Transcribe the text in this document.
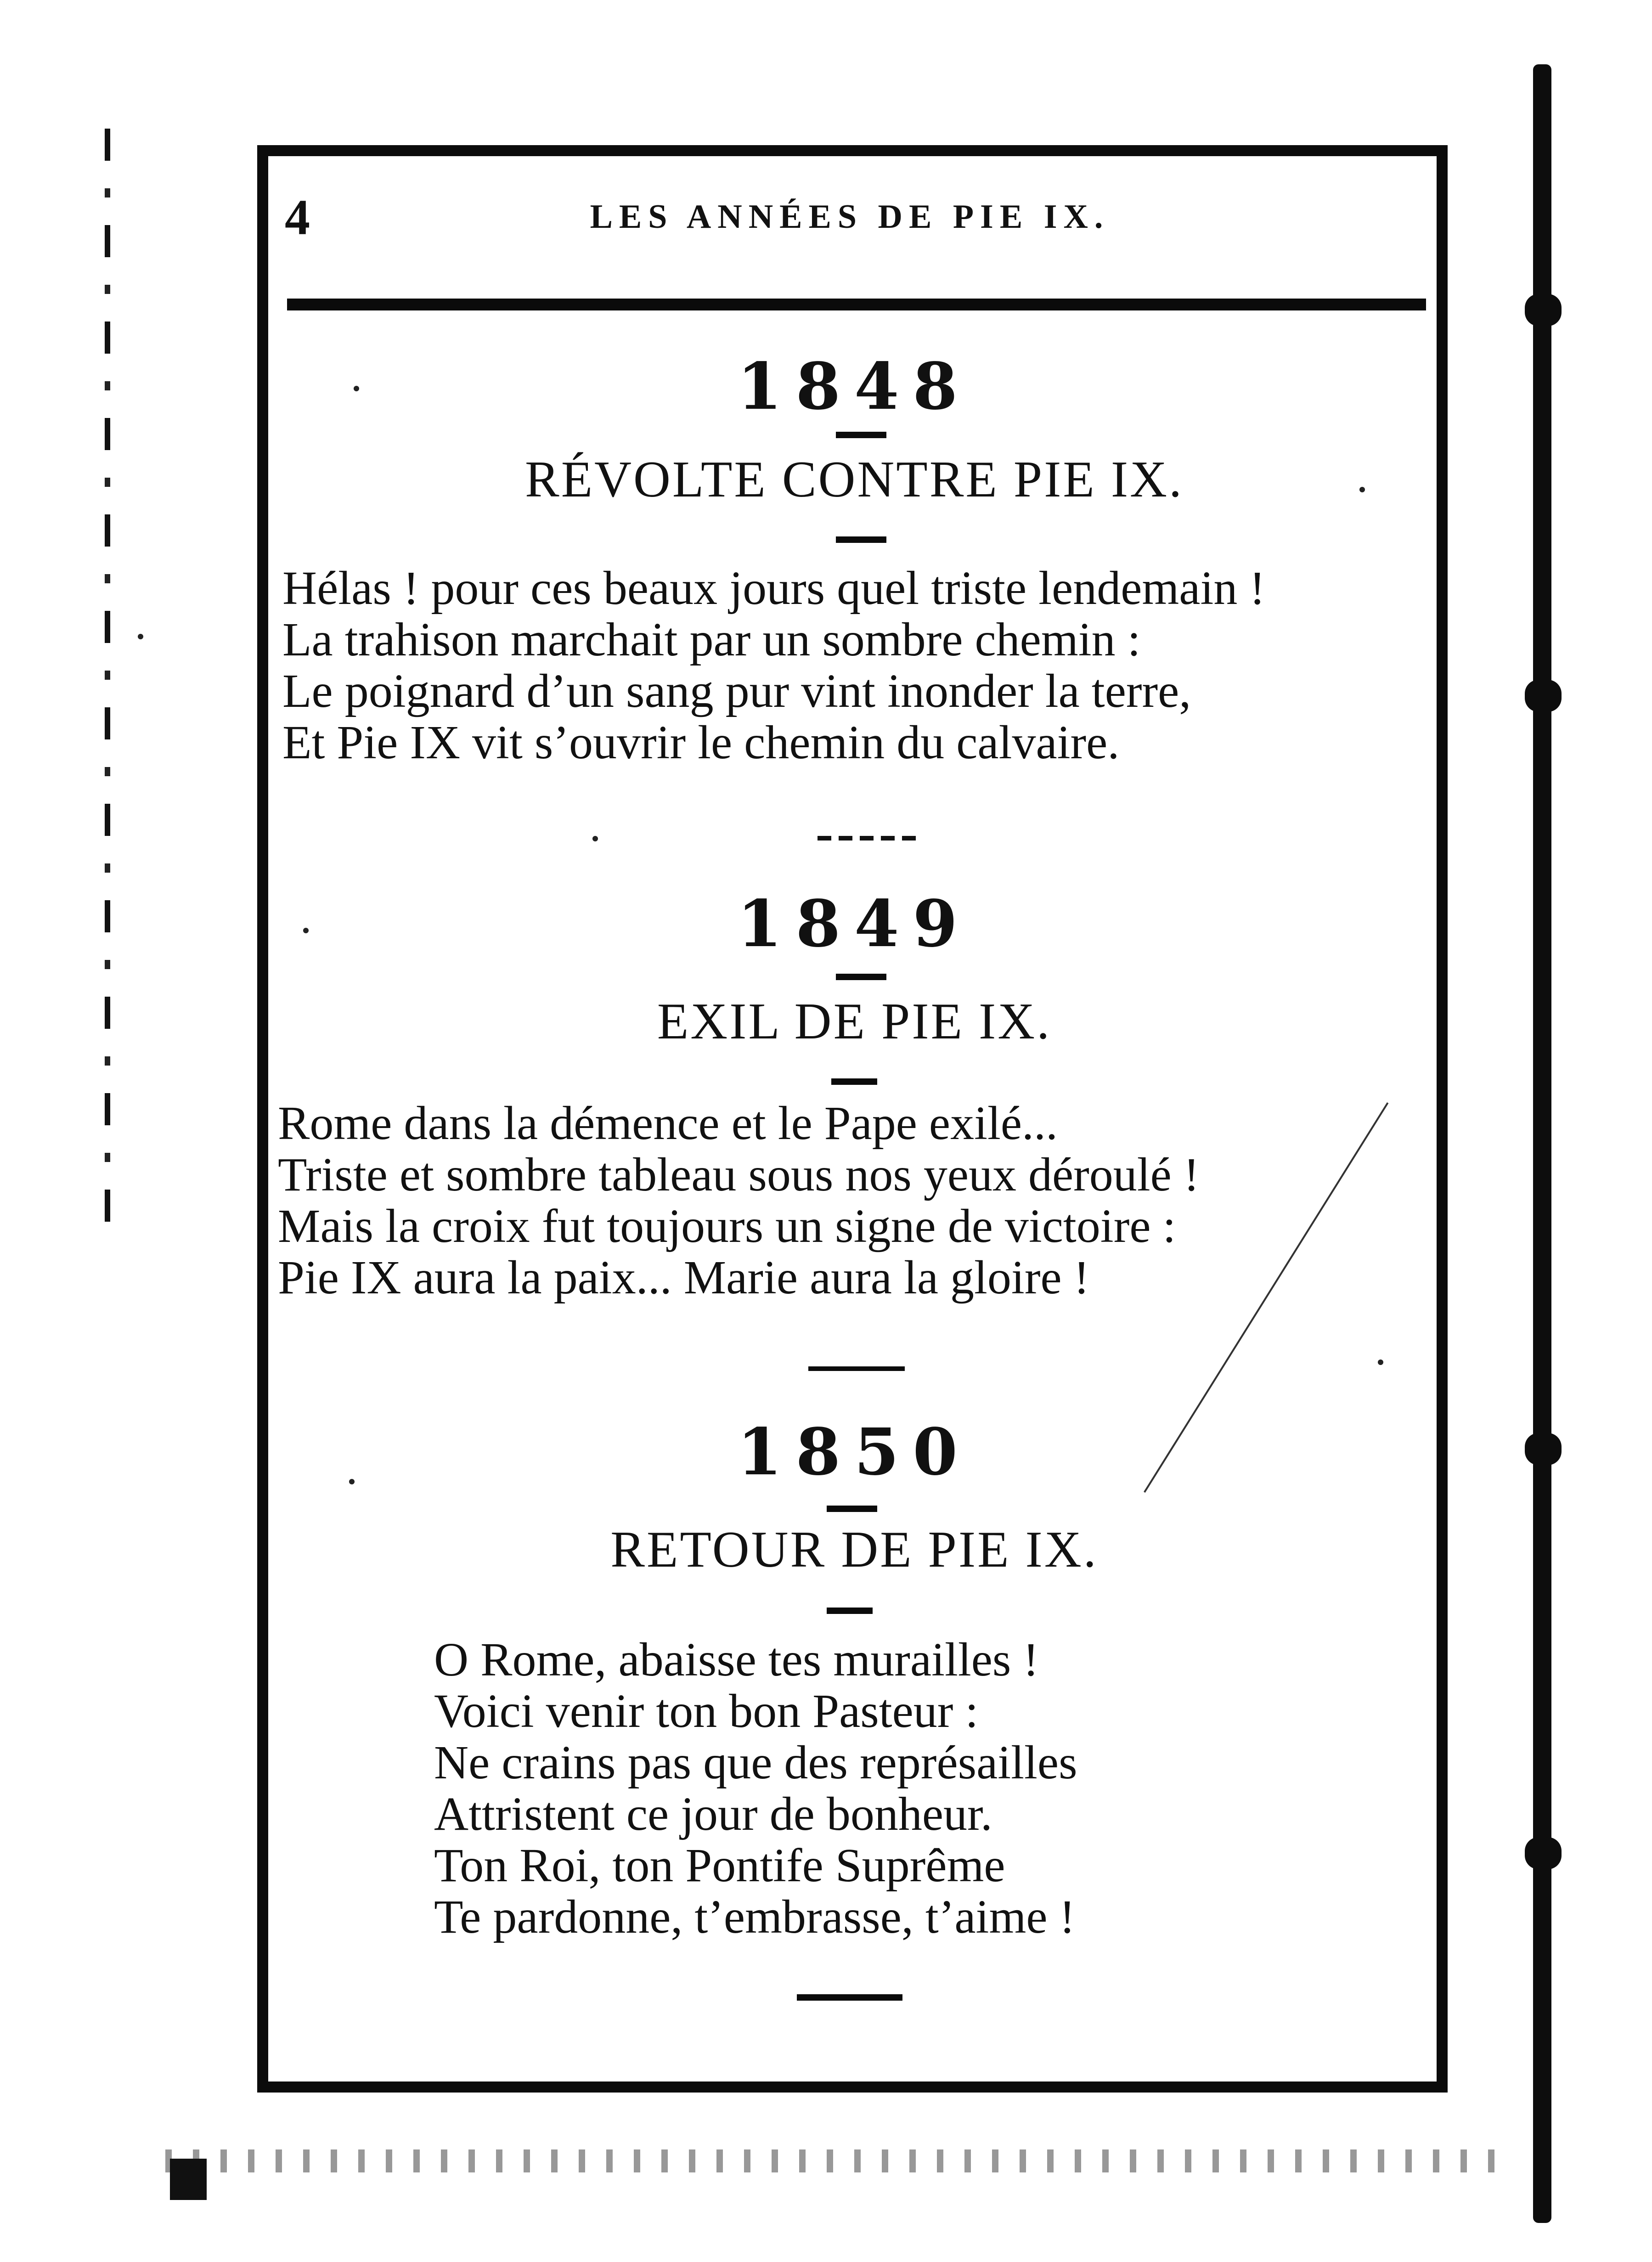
4	LES ANNÉES DE PIE IX.
1848
RÉVOLTE CONTRE PIE IX.
Hélas ! pour ces beaux jours quel triste lendemain !
La trahison marchait par un sombre chemin :
Le poignard d’un sang pur vint inonder la terre,
Et Pie IX vit s’ouvrir le chemin du calvaire.
1849
EXIL DE PIE IX.
Rome dans la démence et le Pape exilé...
Triste et sombre tableau sous nos yeux déroulé !
Mais la croix fut toujours un signe de victoire :
Pie IX aura la paix... Marie aura la gloire !
1850
RETOUR DE PIE IX.
O Rome, abaisse tes murailles !
Voici venir ton bon Pasteur :
Ne crains pas que des représailles
Attristent ce jour de bonheur.
Ton Roi, ton Pontife Suprême
Te pardonne, t’embrasse, t’aime !
